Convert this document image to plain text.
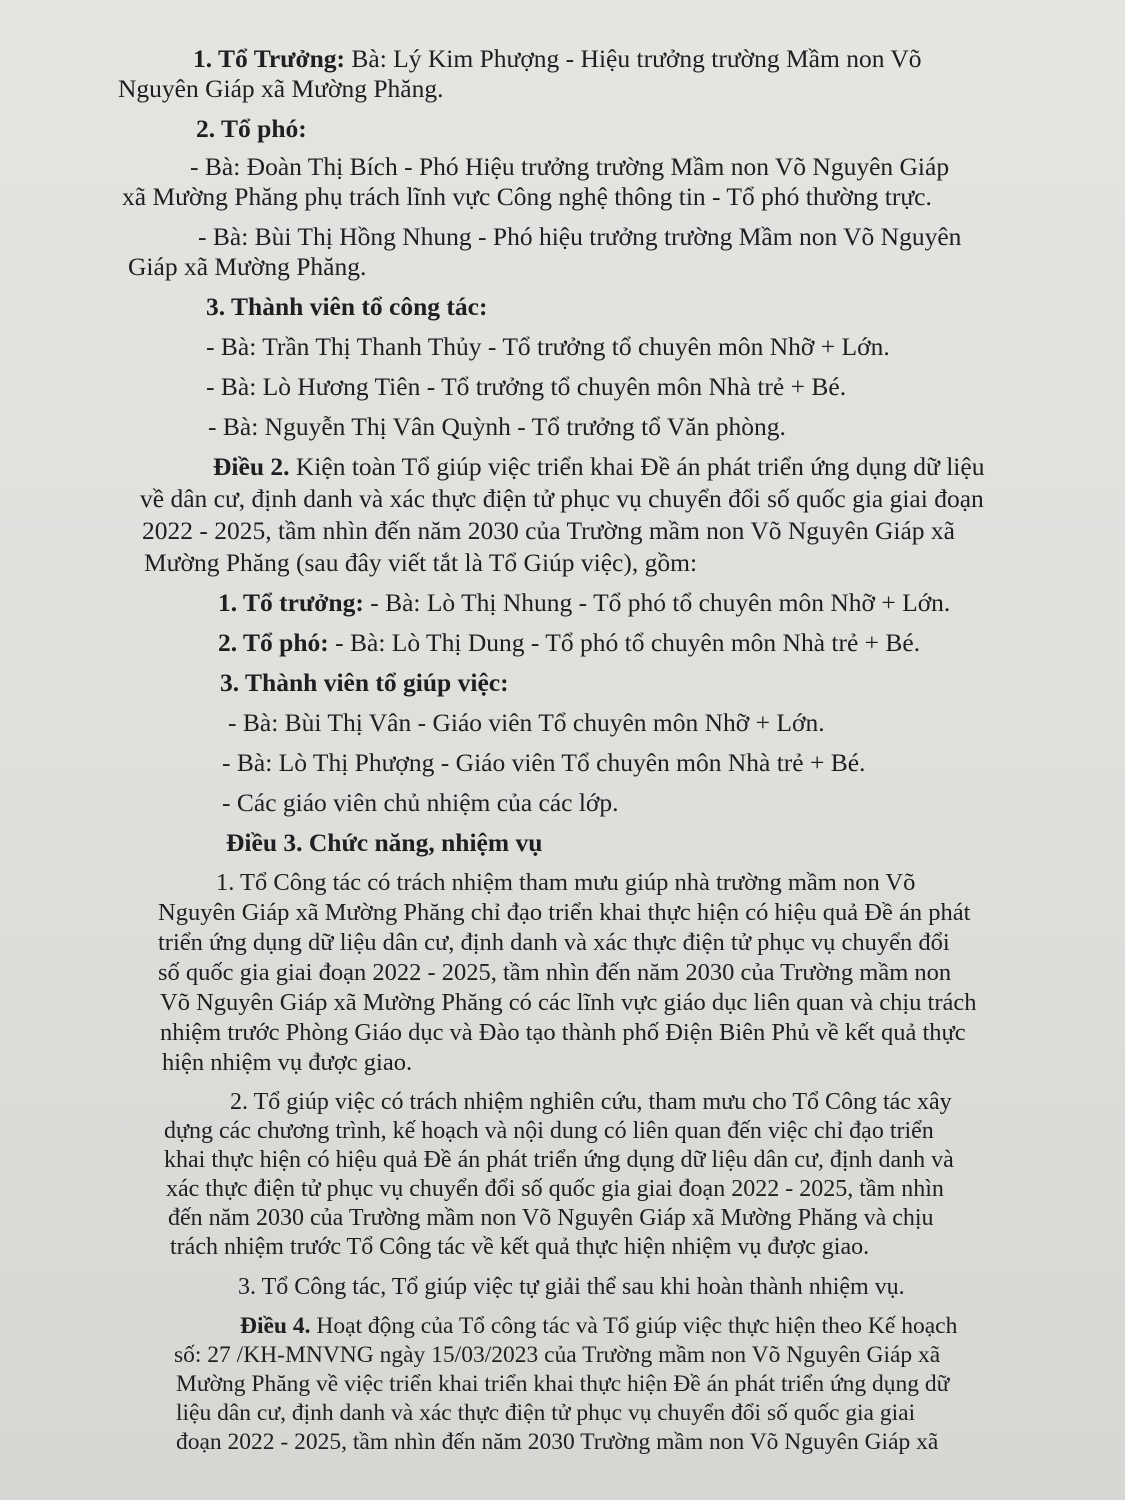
1. Tổ Trưởng: Bà: Lý Kim Phượng - Hiệu trưởng trường Mầm non Võ

Nguyên Giáp xã Mường Phăng.

2. Tổ phó:

- Bà: Đoàn Thị Bích - Phó Hiệu trưởng trường Mầm non Võ Nguyên Giáp

xã Mường Phăng phụ trách lĩnh vực Công nghệ thông tin - Tổ phó thường trực.

- Bà: Bùi Thị Hồng Nhung - Phó hiệu trưởng trường Mầm non Võ Nguyên

Giáp xã Mường Phăng.

3. Thành viên tổ công tác:

- Bà: Trần Thị Thanh Thủy - Tổ trưởng tổ chuyên môn Nhỡ + Lớn.

- Bà: Lò Hương Tiên - Tổ trưởng tổ chuyên môn Nhà trẻ + Bé.

- Bà: Nguyễn Thị Vân Quỳnh - Tổ trưởng tổ Văn phòng.

Điều 2. Kiện toàn Tổ giúp việc triển khai Đề án phát triển ứng dụng dữ liệu

về dân cư, định danh và xác thực điện tử phục vụ chuyển đổi số quốc gia giai đoạn

2022 - 2025, tầm nhìn đến năm 2030 của Trường mầm non Võ Nguyên Giáp xã

Mường Phăng (sau đây viết tắt là Tổ Giúp việc), gồm:

1. Tổ trưởng: - Bà: Lò Thị Nhung - Tổ phó tổ chuyên môn Nhỡ + Lớn.

2. Tổ phó: - Bà: Lò Thị Dung - Tổ phó tổ chuyên môn Nhà trẻ + Bé.

3. Thành viên tổ giúp việc:

- Bà: Bùi Thị Vân - Giáo viên Tổ chuyên môn Nhỡ + Lớn.

- Bà: Lò Thị Phượng - Giáo viên Tổ chuyên môn Nhà trẻ + Bé.

- Các giáo viên chủ nhiệm của các lớp.

Điều 3. Chức năng, nhiệm vụ

1. Tổ Công tác có trách nhiệm tham mưu giúp nhà trường mầm non Võ

Nguyên Giáp xã Mường Phăng chỉ đạo triển khai thực hiện có hiệu quả Đề án phát

triển ứng dụng dữ liệu dân cư, định danh và xác thực điện tử phục vụ chuyển đổi

số quốc gia giai đoạn 2022 - 2025, tầm nhìn đến năm 2030 của Trường mầm non

Võ Nguyên Giáp xã Mường Phăng có các lĩnh vực giáo dục liên quan và chịu trách

nhiệm trước Phòng Giáo dục và Đào tạo thành phố Điện Biên Phủ về kết quả thực

hiện nhiệm vụ được giao.

2. Tổ giúp việc có trách nhiệm nghiên cứu, tham mưu cho Tổ Công tác xây

dựng các chương trình, kế hoạch và nội dung có liên quan đến việc chỉ đạo triển

khai thực hiện có hiệu quả Đề án phát triển ứng dụng dữ liệu dân cư, định danh và

xác thực điện tử phục vụ chuyển đổi số quốc gia giai đoạn 2022 - 2025, tầm nhìn

đến năm 2030 của Trường mầm non Võ Nguyên Giáp xã Mường Phăng và chịu

trách nhiệm trước Tổ Công tác về kết quả thực hiện nhiệm vụ được giao.

3. Tổ Công tác, Tổ giúp việc tự giải thể sau khi hoàn thành nhiệm vụ.

Điều 4. Hoạt động của Tổ công tác và Tổ giúp việc thực hiện theo Kế hoạch

số: 27 /KH-MNVNG ngày 15/03/2023 của Trường mầm non Võ Nguyên Giáp xã

Mường Phăng về việc triển khai triển khai thực hiện Đề án phát triển ứng dụng dữ

liệu dân cư, định danh và xác thực điện tử phục vụ chuyển đổi số quốc gia giai

đoạn 2022 - 2025, tầm nhìn đến năm 2030 Trường mầm non Võ Nguyên Giáp xã
